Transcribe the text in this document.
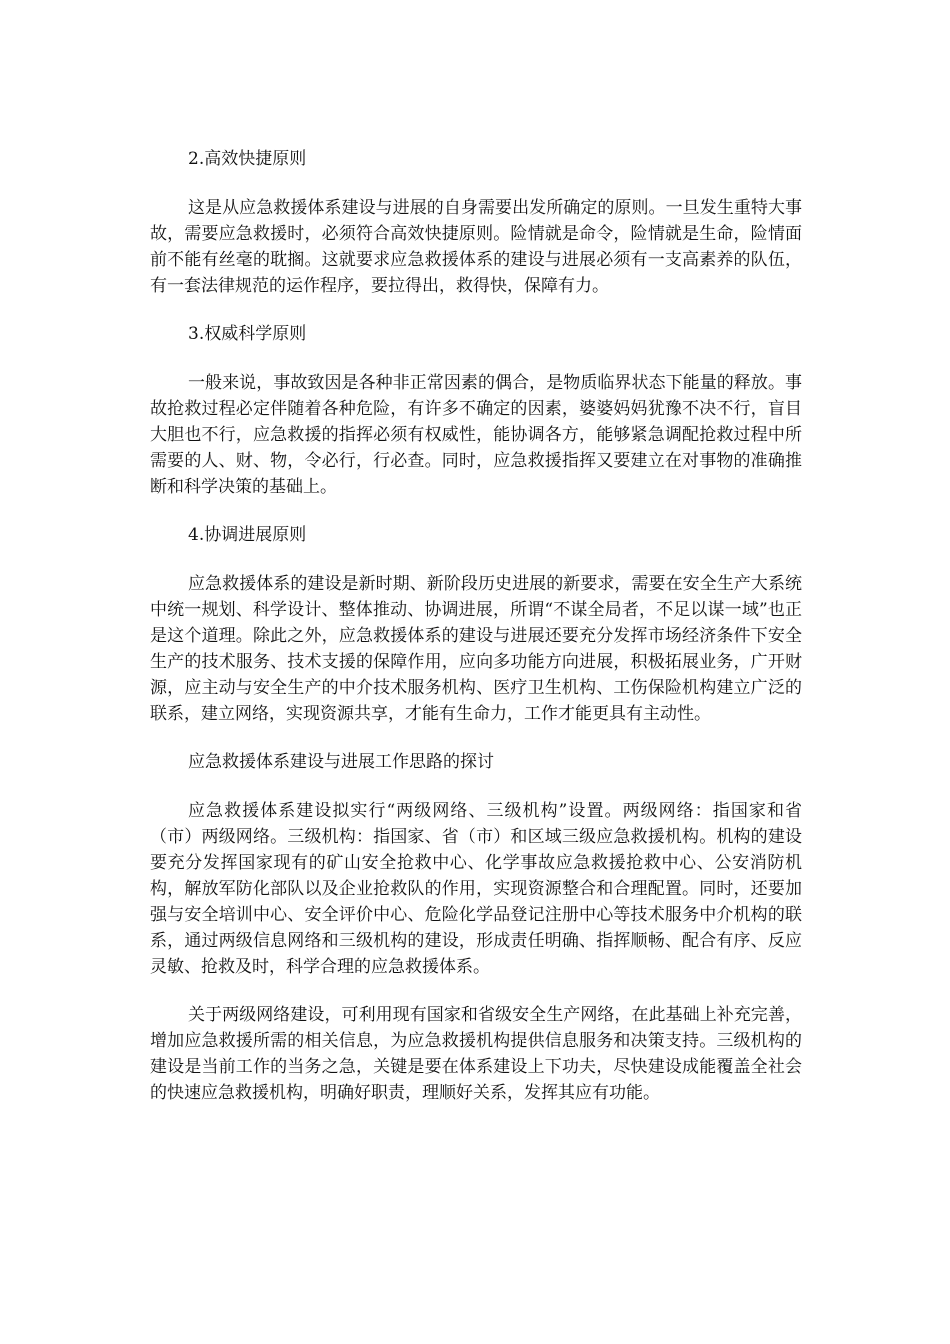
2.高效快捷原则

这是从应急救援体系建设与进展的自身需要出发所确定的原则。一旦发生重特大事故，需要应急救援时，必须符合高效快捷原则。险情就是命令，险情就是生命，险情面前不能有丝毫的耽搁。这就要求应急救援体系的建设与进展必须有一支高素养的队伍，有一套法律规范的运作程序，要拉得出，救得快，保障有力。

3.权威科学原则

一般来说，事故致因是各种非正常因素的偶合，是物质临界状态下能量的释放。事故抢救过程必定伴随着各种危险，有许多不确定的因素，婆婆妈妈犹豫不决不行，盲目大胆也不行，应急救援的指挥必须有权威性，能协调各方，能够紧急调配抢救过程中所需要的人、财、物，令必行，行必查。同时，应急救援指挥又要建立在对事物的准确推断和科学决策的基础上。

4.协调进展原则

应急救援体系的建设是新时期、新阶段历史进展的新要求，需要在安全生产大系统中统一规划、科学设计、整体推动、协调进展，所谓“不谋全局者，不足以谋一域”也正是这个道理。除此之外，应急救援体系的建设与进展还要充分发挥市场经济条件下安全生产的技术服务、技术支援的保障作用，应向多功能方向进展，积极拓展业务，广开财源，应主动与安全生产的中介技术服务机构、医疗卫生机构、工伤保险机构建立广泛的联系，建立网络，实现资源共享，才能有生命力，工作才能更具有主动性。

应急救援体系建设与进展工作思路的探讨

应急救援体系建设拟实行“两级网络、三级机构”设置。两级网络：指国家和省（市）两级网络。三级机构：指国家、省（市）和区域三级应急救援机构。机构的建设要充分发挥国家现有的矿山安全抢救中心、化学事故应急救援抢救中心、公安消防机构，解放军防化部队以及企业抢救队的作用，实现资源整合和合理配置。同时，还要加强与安全培训中心、安全评价中心、危险化学品登记注册中心等技术服务中介机构的联系，通过两级信息网络和三级机构的建设，形成责任明确、指挥顺畅、配合有序、反应灵敏、抢救及时，科学合理的应急救援体系。

关于两级网络建设，可利用现有国家和省级安全生产网络，在此基础上补充完善，增加应急救援所需的相关信息，为应急救援机构提供信息服务和决策支持。三级机构的建设是当前工作的当务之急，关键是要在体系建设上下功夫，尽快建设成能覆盖全社会的快速应急救援机构，明确好职责，理顺好关系，发挥其应有功能。
